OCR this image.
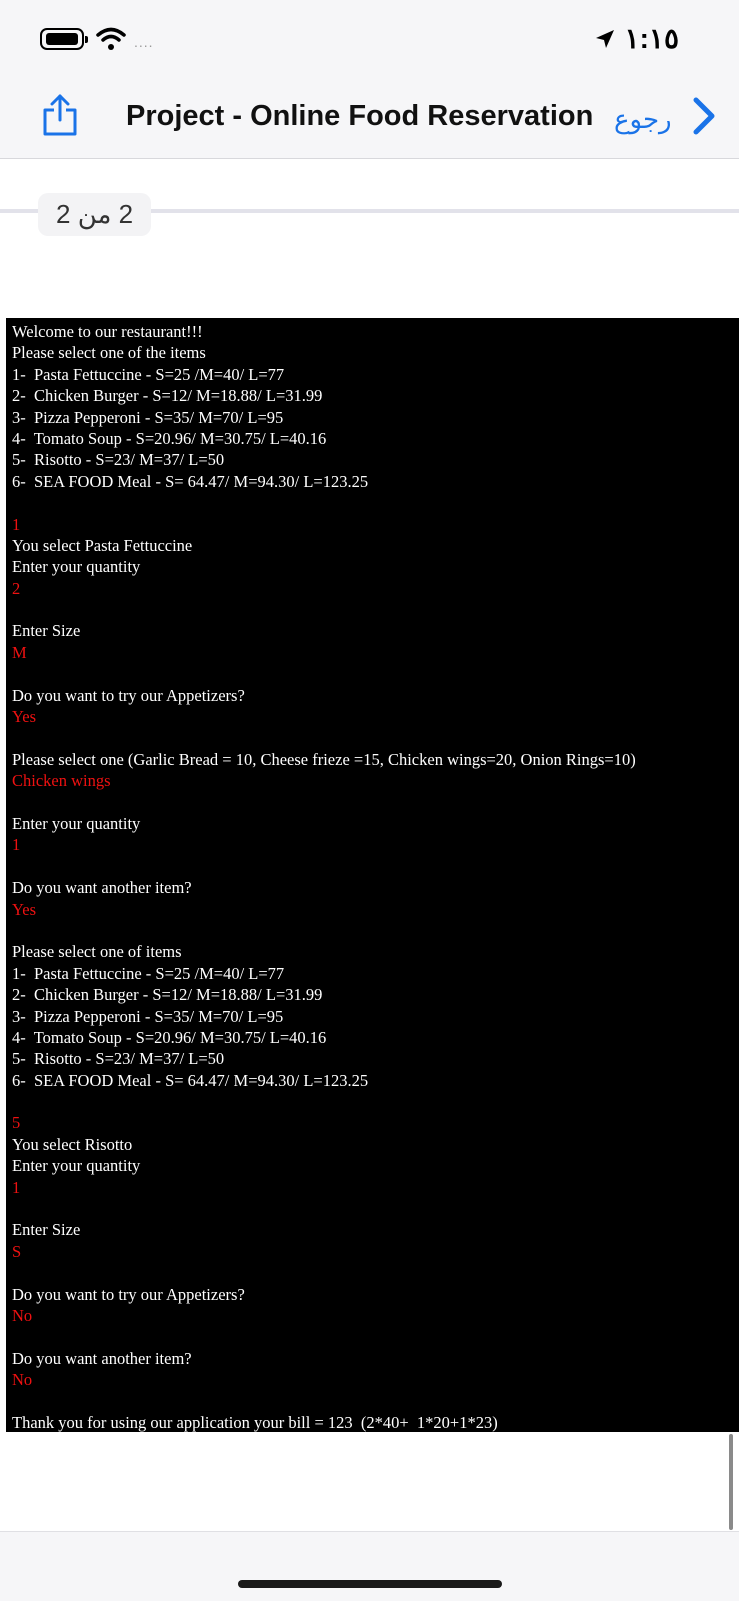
....	١:١٥
Project - Online Food Reservation رجوع
2 من 2
Welcome to our restaurant!!!
Please select one of the items
1-  Pasta Fettuccine - S=25 /M=40/ L=77
2-  Chicken Burger - S=12/ M=18.88/ L=31.99
3-  Pizza Pepperoni - S=35/ M=70/ L=95
4-  Tomato Soup - S=20.96/ M=30.75/ L=40.16
5-  Risotto - S=23/ M=37/ L=50
6-  SEA FOOD Meal - S= 64.47/ M=94.30/ L=123.25
1
You select Pasta Fettuccine
Enter your quantity
2
Enter Size
M
Do you want to try our Appetizers?
Yes
Please select one (Garlic Bread = 10, Cheese frieze =15, Chicken wings=20, Onion Rings=10)
Chicken wings
Enter your quantity
1
Do you want another item?
Yes
Please select one of items
1-  Pasta Fettuccine - S=25 /M=40/ L=77
2-  Chicken Burger - S=12/ M=18.88/ L=31.99
3-  Pizza Pepperoni - S=35/ M=70/ L=95
4-  Tomato Soup - S=20.96/ M=30.75/ L=40.16
5-  Risotto - S=23/ M=37/ L=50
6-  SEA FOOD Meal - S= 64.47/ M=94.30/ L=123.25
5
You select Risotto
Enter your quantity
1
Enter Size
S
Do you want to try our Appetizers?
No
Do you want another item?
No
Thank you for using our application your bill = 123  (2*40+  1*20+1*23)
